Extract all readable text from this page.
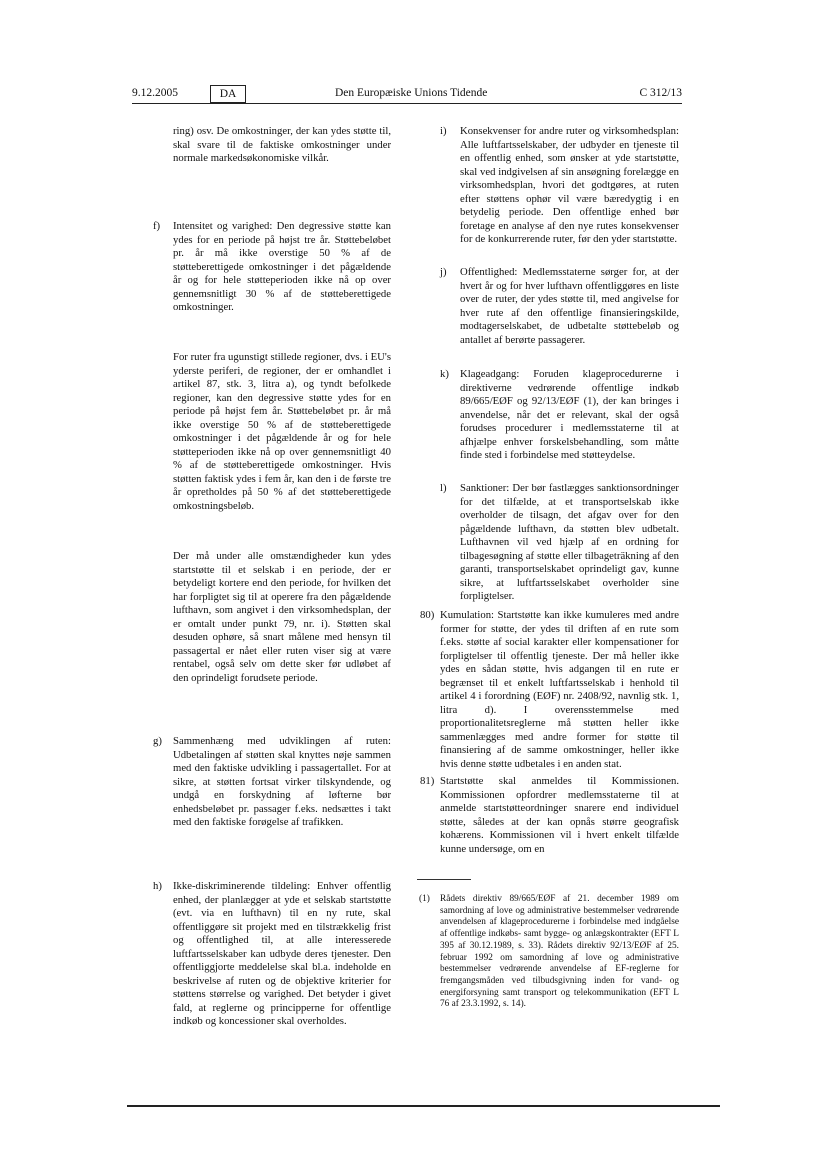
9.12.2005	DA	Den Europæiske Unions Tidende	C 312/13
ring) osv. De omkostninger, der kan ydes støtte til, skal svare til de faktiske omkostninger under normale markedsøkonomiske vilkår.
f) Intensitet og varighed: Den degressive støtte kan ydes for en periode på højst tre år. Støttebeløbet pr. år må ikke overstige 50 % af de støtteberettigede omkostninger i det pågældende år og for hele støtteperioden ikke nå op over gennemsnitligt 30 % af de støtteberettigede omkostninger.
For ruter fra ugunstigt stillede regioner, dvs. i EU's yderste periferi, de regioner, der er omhandlet i artikel 87, stk. 3, litra a), og tyndt befolkede regioner, kan den degressive støtte ydes for en periode på højst fem år. Støttebeløbet pr. år må ikke overstige 50 % af de støtteberettigede omkostninger i det pågældende år og for hele støtteperioden ikke nå op over gennemsnitligt 40 % af de støtteberettigede omkostninger. Hvis støtten faktisk ydes i fem år, kan den i de første tre år opretholdes på 50 % af det støtteberettigede omkostningsbeløb.
Der må under alle omstændigheder kun ydes startstøtte til et selskab i en periode, der er betydeligt kortere end den periode, for hvilken det har forpligtet sig til at operere fra den pågældende lufthavn, som angivet i den virksomhedsplan, der er omtalt under punkt 79, nr. i). Støtten skal desuden ophøre, så snart målene med hensyn til passagertal er nået eller ruten viser sig at være rentabel, også selv om dette sker før udløbet af den oprindeligt forudsete periode.
g) Sammenhæng med udviklingen af ruten: Udbetalingen af støtten skal knyttes nøje sammen med den faktiske udvikling i passagertallet. For at sikre, at støtten fortsat virker tilskyndende, og undgå en forskydning af løfterne bør enhedsbeløbet pr. passager f.eks. nedsættes i takt med den faktiske forøgelse af trafikken.
h) Ikke-diskriminerende tildeling: Enhver offentlig enhed, der planlægger at yde et selskab startstøtte (evt. via en lufthavn) til en ny rute, skal offentliggøre sit projekt med en tilstrækkelig frist og offentlighed til, at alle interesserede luftfartsselskaber kan udbyde deres tjenester. Den offentliggjorte meddelelse skal bl.a. indeholde en beskrivelse af ruten og de objektive kriterier for støttens størrelse og varighed. Det betyder i givet fald, at reglerne og principperne for offentlige indkøb og koncessioner skal overholdes.
i) Konsekvenser for andre ruter og virksomhedsplan: Alle luftfartsselskaber, der udbyder en tjeneste til en offentlig enhed, som ønsker at yde startstøtte, skal ved indgivelsen af sin ansøgning forelægge en virksomhedsplan, hvori det godtgøres, at ruten efter støttens ophør vil være bæredygtig i en betydelig periode. Den offentlige enhed bør foretage en analyse af den nye rutes konsekvenser for de konkurrerende ruter, før den yder startstøtte.
j) Offentlighed: Medlemsstaterne sørger for, at der hvert år og for hver lufthavn offentliggøres en liste over de ruter, der ydes støtte til, med angivelse for hver rute af den offentlige finansieringskilde, modtagerselskabet, de udbetalte støttebeløb og antallet af berørte passagerer.
k) Klageadgang: Foruden klageprocedurerne i direktiverne vedrørende offentlige indkøb 89/665/EØF og 92/13/EØF (1), der kan bringes i anvendelse, når det er relevant, skal der også forudses procedurer i medlemsstaterne til at afhjælpe enhver forskelsbehandling, som måtte finde sted i forbindelse med støtteydelse.
l) Sanktioner: Der bør fastlægges sanktionsordninger for det tilfælde, at et transportselskab ikke overholder de tilsagn, det afgav over for den pågældende lufthavn, da støtten blev udbetalt. Lufthavnen vil ved hjælp af en ordning for tilbagesøgning af støtte eller tilbageträkning af den garanti, transportselskabet oprindeligt gav, kunne sikre, at luftfartsselskabet overholder sine forpligtelser.
80) Kumulation: Startstøtte kan ikke kumuleres med andre former for støtte, der ydes til driften af en rute som f.eks. støtte af social karakter eller kompensationer for forpligtelser til offentlig tjeneste. Der må heller ikke ydes en sådan støtte, hvis adgangen til en rute er begrænset til et enkelt luftfartsselskab i henhold til artikel 4 i forordning (EØF) nr. 2408/92, navnlig stk. 1, litra d). I overensstemmelse med proportionalitetsreglerne må støtten heller ikke sammenlægges med andre former for støtte til finansiering af de samme omkostninger, heller ikke hvis denne støtte udbetales i en anden stat.
81) Startstøtte skal anmeldes til Kommissionen. Kommissionen opfordrer medlemsstaterne til at anmelde startstøtteordninger snarere end individuel støtte, således at der kan opnås større geografisk kohærens. Kommissionen vil i hvert enkelt tilfælde kunne undersøge, om en
(1) Rådets direktiv 89/665/EØF af 21. december 1989 om samordning af love og administrative bestemmelser vedrørende anvendelsen af klageprocedurerne i forbindelse med indgåelse af offentlige indkøbs- samt bygge- og anlægskontrakter (EFT L 395 af 30.12.1989, s. 33). Rådets direktiv 92/13/EØF af 25. februar 1992 om samordning af love og administrative bestemmelser vedrørende anvendelse af EF-reglerne for fremgangsmåden ved tilbudsgivning inden for vand- og energiforsyning samt transport og telekommunikation (EFT L 76 af 23.3.1992, s. 14).
